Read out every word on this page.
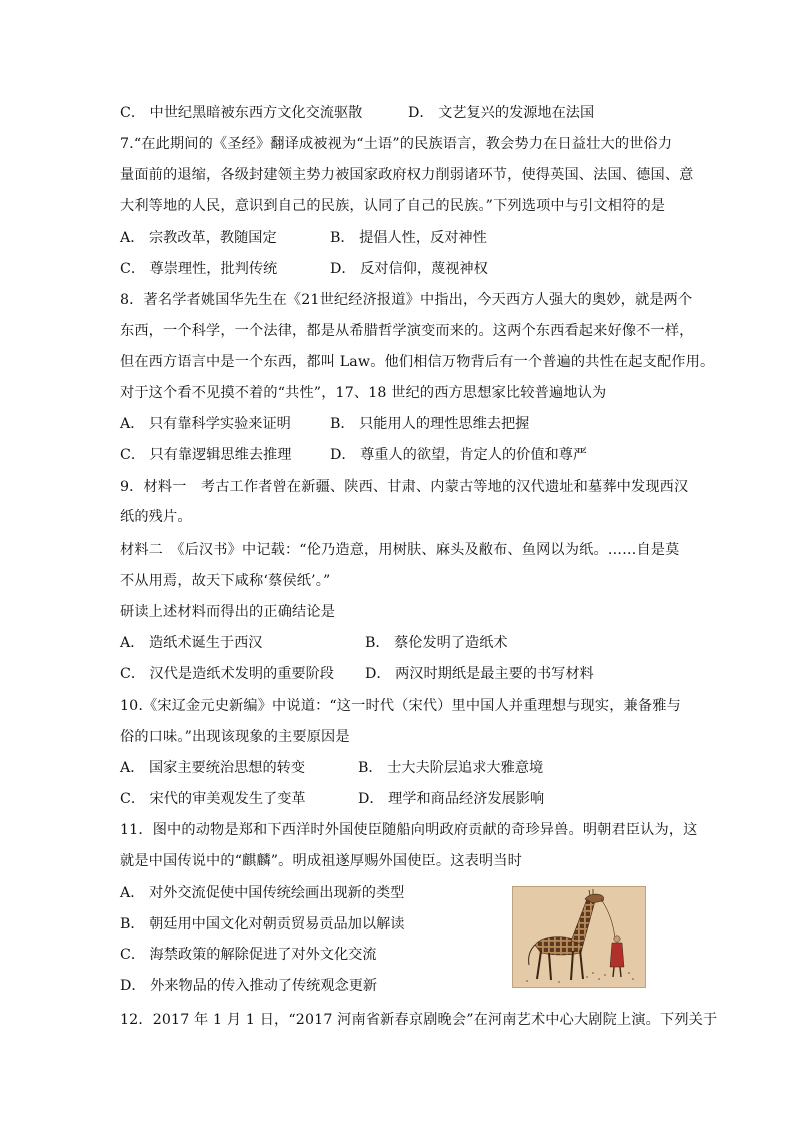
C． 中世纪黑暗被东西方文化交流驱散	D． 文艺复兴的发源地在法国
7.“在此期间的《圣经》翻译成被视为“土语”的民族语言，教会势力在日益壮大的世俗力
量面前的退缩，各级封建领主势力被国家政府权力削弱诸环节，使得英国、法国、德国、意
大利等地的人民，意识到自己的民族，认同了自己的民族。”下列选项中与引文相符的是
A． 宗教改革，教随国定	B． 提倡人性，反对神性
C． 尊崇理性，批判传统	D． 反对信仰，蔑视神权
8．著名学者姚国华先生在《21世纪经济报道》中指出，今天西方人强大的奥妙，就是两个
东西，一个科学，一个法律，都是从希腊哲学演变而来的。这两个东西看起来好像不一样，
但在西方语言中是一个东西，都叫 Law。他们相信万物背后有一个普遍的共性在起支配作用。
对于这个看不见摸不着的“共性”，17、18 世纪的西方思想家比较普遍地认为
A． 只有靠科学实验来证明	B． 只能用人的理性思维去把握
C． 只有靠逻辑思维去推理	D． 尊重人的欲望，肯定人的价值和尊严
9．材料一　考古工作者曾在新疆、陕西、甘肃、内蒙古等地的汉代遗址和墓葬中发现西汉
纸的残片。
材料二　《后汉书》中记载：“伦乃造意，用树肤、麻头及敝布、鱼网以为纸。……自是莫
不从用焉，故天下咸称‘蔡侯纸’。”
研读上述材料而得出的正确结论是
A． 造纸术诞生于西汉	B． 蔡伦发明了造纸术
C． 汉代是造纸术发明的重要阶段 D． 两汉时期纸是最主要的书写材料
10.《宋辽金元史新编》中说道：“这一时代（宋代）里中国人并重理想与现实，兼备雅与
俗的口味。”出现该现象的主要原因是
A． 国家主要统治思想的转变	B． 士大夫阶层追求大雅意境
C． 宋代的审美观发生了变革	D． 理学和商品经济发展影响
11．图中的动物是郑和下西洋时外国使臣随船向明政府贡献的奇珍异兽。明朝君臣认为，这
就是中国传说中的“麒麟”。明成祖遂厚赐外国使臣。这表明当时
A． 对外交流促使中国传统绘画出现新的类型
B． 朝廷用中国文化对朝贡贸易贡品加以解读
C． 海禁政策的解除促进了对外文化交流
D． 外来物品的传入推动了传统观念更新
12．2017 年 1 月 1 日，“2017 河南省新春京剧晚会”在河南艺术中心大剧院上演。下列关于
